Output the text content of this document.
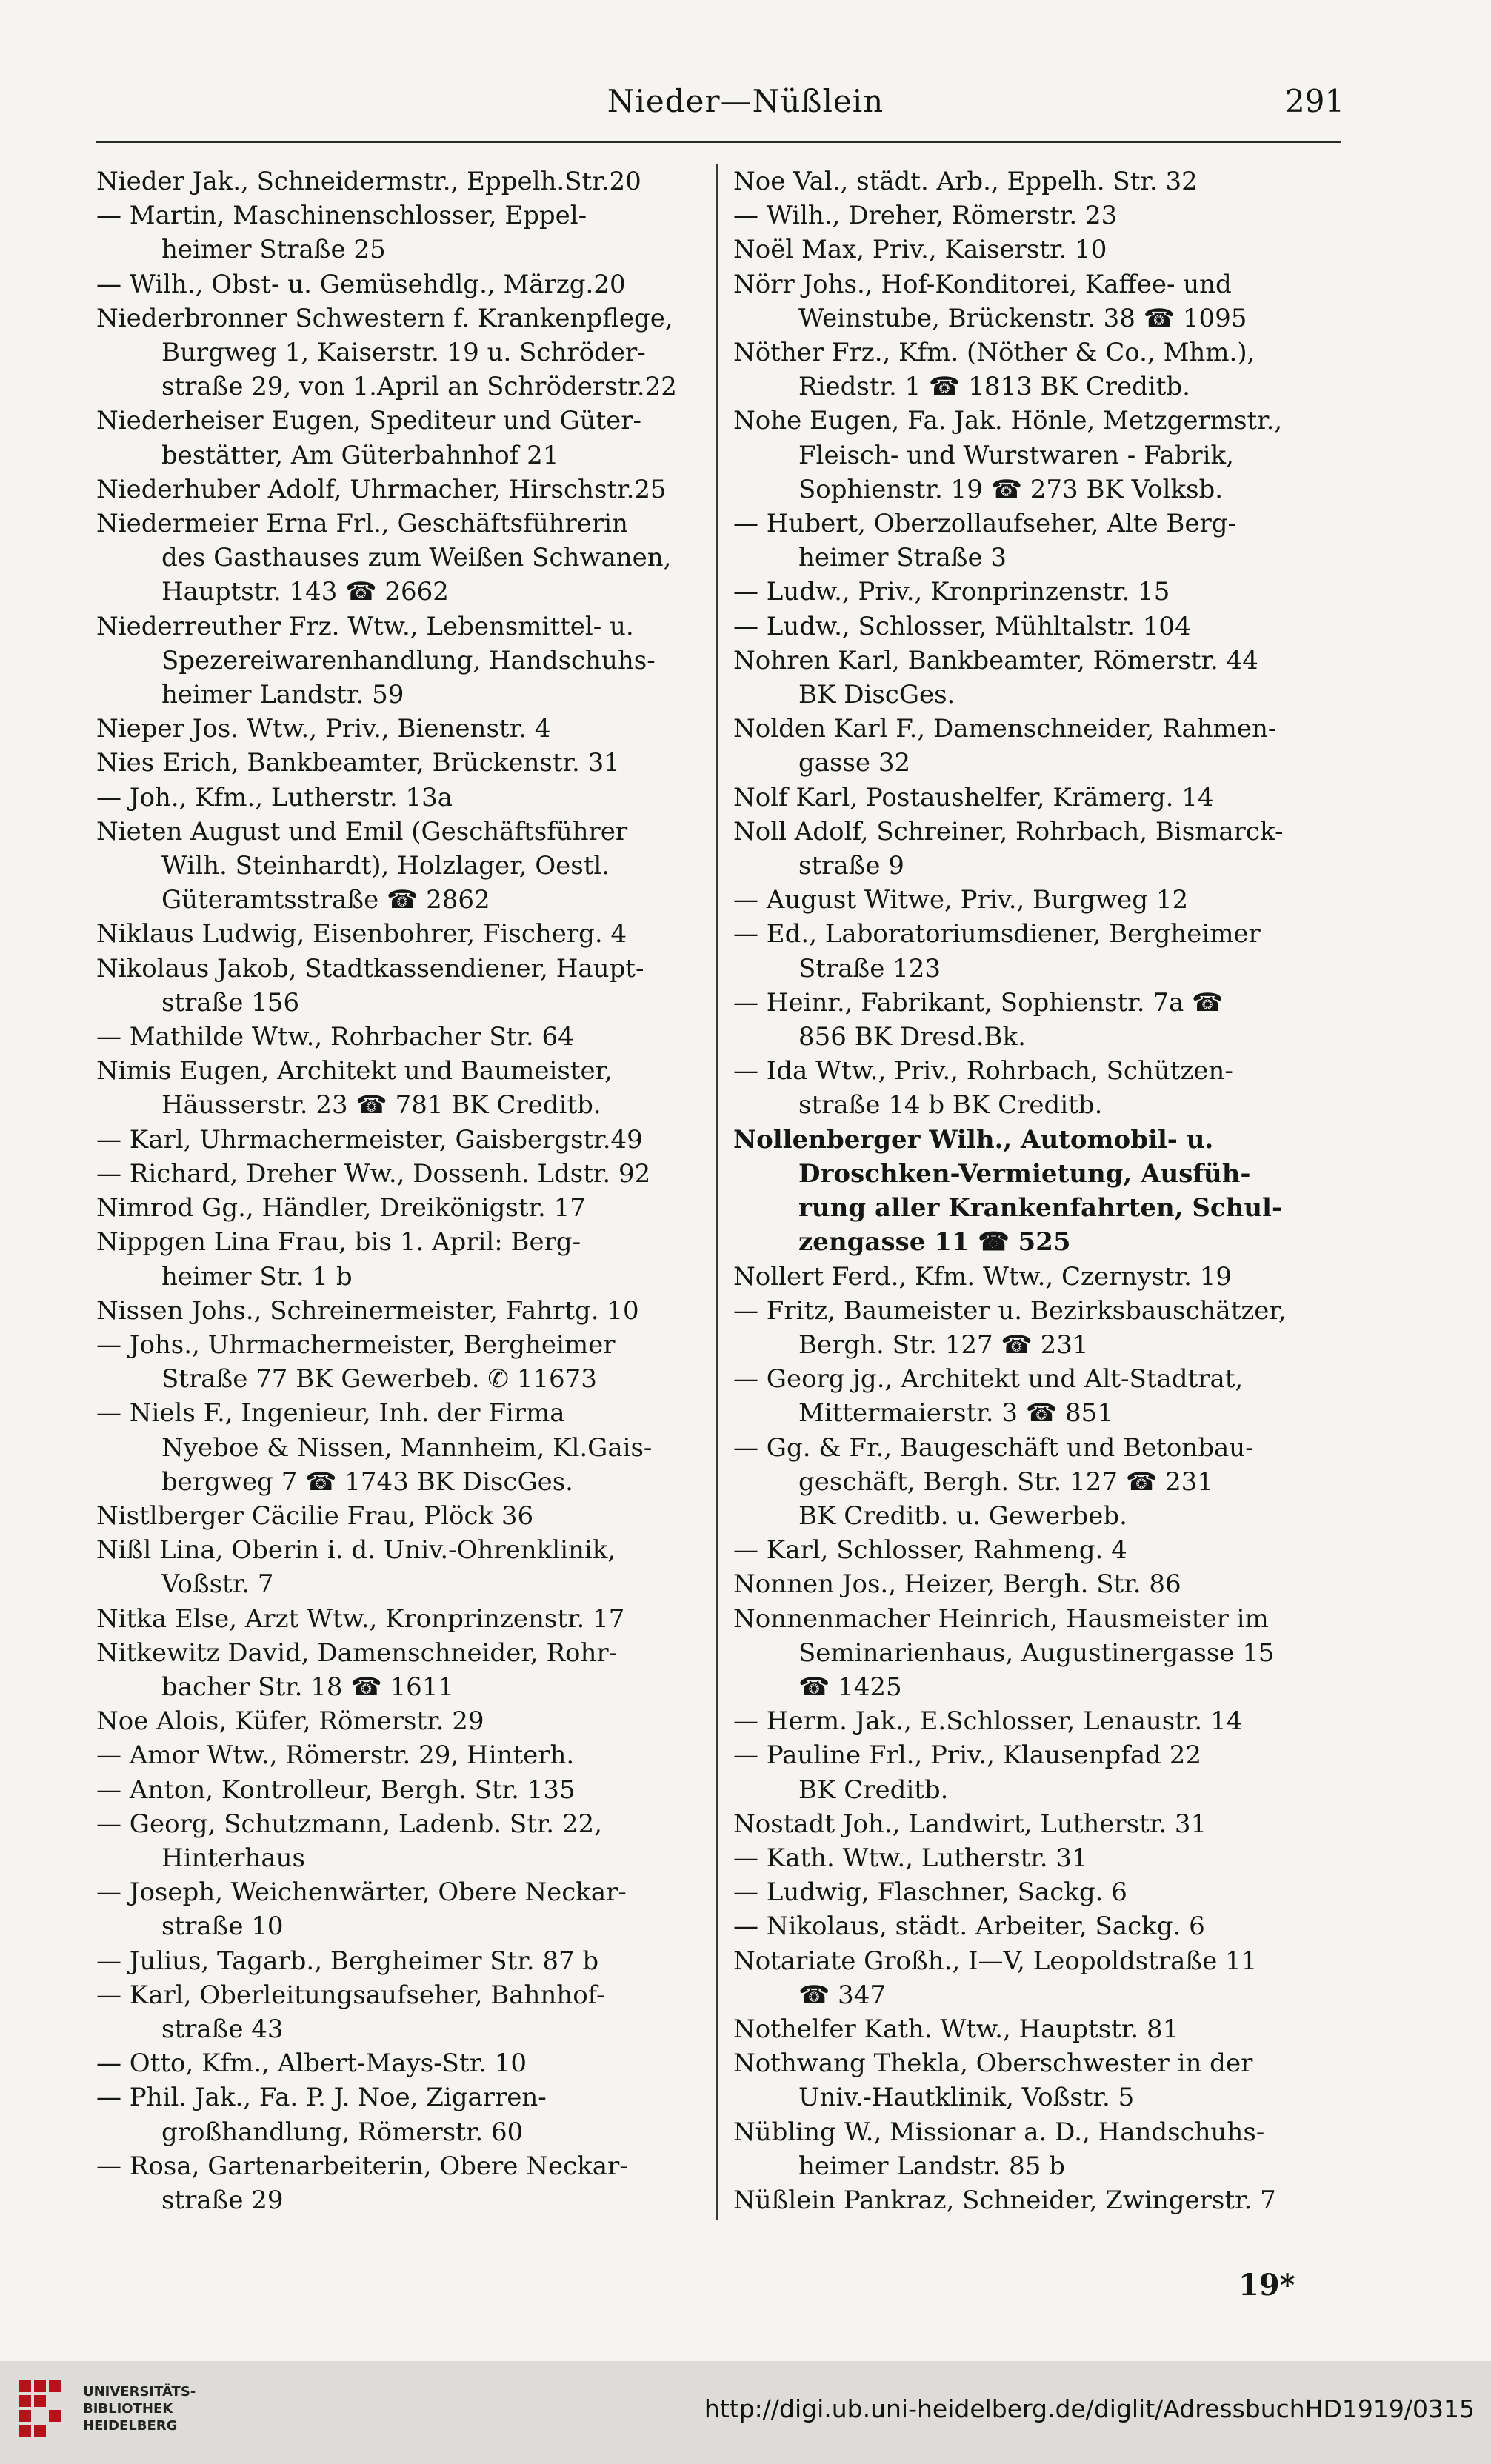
Nieder—Nüßlein	291

Nieder Jak., Schneidermstr., Eppelh.Str.20

— Martin, Maschinenschlosser, Eppel-
heimer Straße 25

— Wilh., Obst- u. Gemüsehdlg., Märzg.20

Niederbronner Schwestern f. Krankenpflege,
Burgweg 1, Kaiserstr. 19 u. Schröder-
straße 29, von 1.April an Schröderstr.22

Niederheiser Eugen, Spediteur und Güter-
bestätter, Am Güterbahnhof 21

Niederhuber Adolf, Uhrmacher, Hirschstr.25

Niedermeier Erna Frl., Geschäftsführerin
des Gasthauses zum Weißen Schwanen,
Hauptstr. 143 ☎ 2662

Niederreuther Frz. Wtw., Lebensmittel- u.
Spezereiwarenhandlung, Handschuhs-
heimer Landstr. 59

Nieper Jos. Wtw., Priv., Bienenstr. 4

Nies Erich, Bankbeamter, Brückenstr. 31

— Joh., Kfm., Lutherstr. 13a

Nieten August und Emil (Geschäftsführer
Wilh. Steinhardt), Holzlager, Oestl.
Güteramtsstraße ☎ 2862

Niklaus Ludwig, Eisenbohrer, Fischerg. 4

Nikolaus Jakob, Stadtkassendiener, Haupt-
straße 156

— Mathilde Wtw., Rohrbacher Str. 64

Nimis Eugen, Architekt und Baumeister,
Häusserstr. 23 ☎ 781 BK Creditb.

— Karl, Uhrmachermeister, Gaisbergstr.49

— Richard, Dreher Ww., Dossenh. Ldstr. 92

Nimrod Gg., Händler, Dreikönigstr. 17

Nippgen Lina Frau, bis 1. April: Berg-
heimer Str. 1 b

Nissen Johs., Schreinermeister, Fahrtg. 10

— Johs., Uhrmachermeister, Bergheimer
Straße 77 BK Gewerbeb. ✆ 11673

— Niels F., Ingenieur, Inh. der Firma
Nyeboe & Nissen, Mannheim, Kl.Gais-
bergweg 7 ☎ 1743 BK DiscGes.

Nistlberger Cäcilie Frau, Plöck 36

Nißl Lina, Oberin i. d. Univ.-Ohrenklinik,
Voßstr. 7

Nitka Else, Arzt Wtw., Kronprinzenstr. 17

Nitkewitz David, Damenschneider, Rohr-
bacher Str. 18 ☎ 1611

Noe Alois, Küfer, Römerstr. 29

— Amor Wtw., Römerstr. 29, Hinterh.

— Anton, Kontrolleur, Bergh. Str. 135

— Georg, Schutzmann, Ladenb. Str. 22,
Hinterhaus

— Joseph, Weichenwärter, Obere Neckar-
straße 10

— Julius, Tagarb., Bergheimer Str. 87 b

— Karl, Oberleitungsaufseher, Bahnhof-
straße 43

— Otto, Kfm., Albert-Mays-Str. 10

— Phil. Jak., Fa. P. J. Noe, Zigarren-
großhandlung, Römerstr. 60

— Rosa, Gartenarbeiterin, Obere Neckar-
straße 29

Noe Val., städt. Arb., Eppelh. Str. 32

— Wilh., Dreher, Römerstr. 23

Noël Max, Priv., Kaiserstr. 10

Nörr Johs., Hof-Konditorei, Kaffee- und
Weinstube, Brückenstr. 38 ☎ 1095

Nöther Frz., Kfm. (Nöther & Co., Mhm.),
Riedstr. 1 ☎ 1813 BK Creditb.

Nohe Eugen, Fa. Jak. Hönle, Metzgermstr.,
Fleisch- und Wurstwaren - Fabrik,
Sophienstr. 19 ☎ 273 BK Volksb.

— Hubert, Oberzollaufseher, Alte Berg-
heimer Straße 3

— Ludw., Priv., Kronprinzenstr. 15

— Ludw., Schlosser, Mühltalstr. 104

Nohren Karl, Bankbeamter, Römerstr. 44
BK DiscGes.

Nolden Karl F., Damenschneider, Rahmen-
gasse 32

Nolf Karl, Postaushelfer, Krämerg. 14

Noll Adolf, Schreiner, Rohrbach, Bismarck-
straße 9

— August Witwe, Priv., Burgweg 12

— Ed., Laboratoriumsdiener, Bergheimer
Straße 123

— Heinr., Fabrikant, Sophienstr. 7a ☎
856 BK Dresd.Bk.

— Ida Wtw., Priv., Rohrbach, Schützen-
straße 14 b BK Creditb.

Nollenberger Wilh., Automobil- u.
Droschken-Vermietung, Ausfüh-
rung aller Krankenfahrten, Schul-
zengasse 11 ☎ 525

Nollert Ferd., Kfm. Wtw., Czernystr. 19

— Fritz, Baumeister u. Bezirksbauschätzer,
Bergh. Str. 127 ☎ 231

— Georg jg., Architekt und Alt-Stadtrat,
Mittermaierstr. 3 ☎ 851

— Gg. & Fr., Baugeschäft und Betonbau-
geschäft, Bergh. Str. 127 ☎ 231
BK Creditb. u. Gewerbeb.

— Karl, Schlosser, Rahmeng. 4

Nonnen Jos., Heizer, Bergh. Str. 86

Nonnenmacher Heinrich, Hausmeister im
Seminarienhaus, Augustinergasse 15
☎ 1425

— Herm. Jak., E.Schlosser, Lenaustr. 14

— Pauline Frl., Priv., Klausenpfad 22
BK Creditb.

Nostadt Joh., Landwirt, Lutherstr. 31

— Kath. Wtw., Lutherstr. 31

— Ludwig, Flaschner, Sackg. 6

— Nikolaus, städt. Arbeiter, Sackg. 6

Notariate Großh., I—V, Leopoldstraße 11
☎ 347

Nothelfer Kath. Wtw., Hauptstr. 81

Nothwang Thekla, Oberschwester in der
Univ.-Hautklinik, Voßstr. 5

Nübling W., Missionar a. D., Handschuhs-
heimer Landstr. 85 b

Nüßlein Pankraz, Schneider, Zwingerstr. 7

19*
UNIVERSITÄTS-
BIBLIOTHEK
HEIDELBERG
http://digi.ub.uni-heidelberg.de/diglit/AdressbuchHD1919/0315
